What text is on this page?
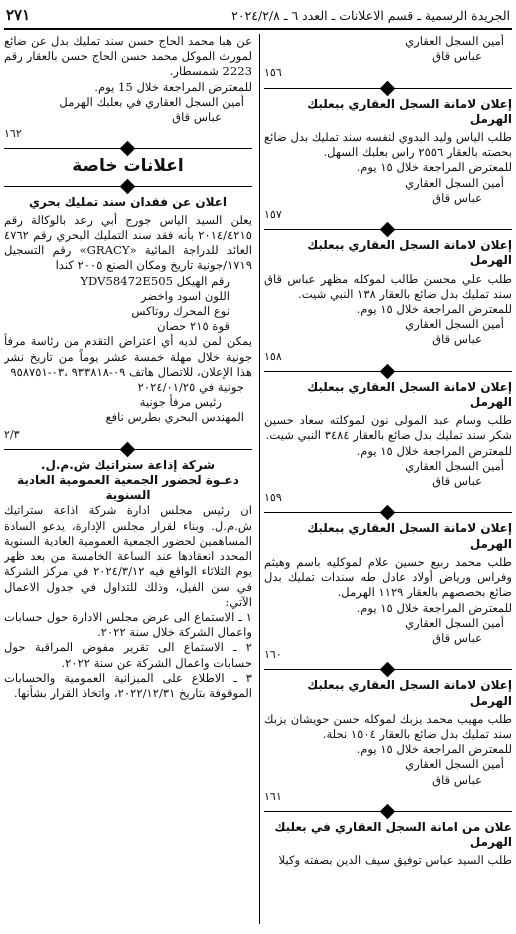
الجريدة الرسمية ـ قسم الاعلانات ـ العدد ٦ ـ ٢٠٢٤/٢/٨
٢٧١
أمين السجل العقاري
عباس قاق
١٥٦
إعلان لامانة السجل العقاري ببعلبك الهرمل

طلب الياس وليد البدوي لنفسه سند تمليك بدل ضائع بحصته بالعقار ٢٥٥٦ راس بعلبك السهل.

للمعترض المراجعة خلال ١٥ يوم.

أمين السجل العقاري
عباس قاق
١٥٧
إعلان لامانة السجل العقاري ببعلبك الهرمل

طلب علي محسن طالب لموكله مظهر عباس قاق سند تمليك بدل ضائع بالعقار ١٣٨ النبي شيت.

للمعترض المراجعة خلال ١٥ يوم.

أمين السجل العقاري
عباس قاق
١٥٨
إعلان لامانة السجل العقاري ببعلبك الهرمل

طلب وسام عبد المولى نون لموكلته سعاد حسين شكر سند تمليك بدل ضائع بالعقار ٣٤٨٤ النبي شيت.

للمعترض المراجعة خلال ١٥ يوم.

أمين السجل العقاري
عباس قاق
١٥٩
إعلان لامانة السجل العقاري ببعلبك الهرمل

طلب محمد ربيع حسين علام لموكليه باسم وهيثم وفراس ورياض أولاد عادل طه سندات تمليك بدل ضائع بحصصهم بالعقار ١١٢٩ الهرمل.

للمعترض المراجعة خلال ١٥ يوم.

أمين السجل العقاري
عباس قاق
١٦٠
إعلان لامانة السجل العقاري ببعلبك الهرمل

طلب مهيب محمد يزبك لموكله حسن حويشان يزبك سند تمليك بدل ضائع بالعقار ١٥٠٤ نحلة.

للمعترض المراجعة خلال ١٥ يوم.

أمين السجل العقاري
عباس قاق
١٦١
علان من امانة السجل العقاري في بعلبك الهرمل

طلب السيد عباس توفيق سيف الدين بصفته وكيلا

عن هبا محمد الحاج حسن سند تمليك بدل عن ضائع لمورث الموكل محمد حسن الحاج حسن بالعقار رقم 2223 شمسطار.

للمعترض المراجعة خلال 15 يوم.

أمين السجل العقاري في بعلبك الهرمل
عباس قاق
١٦٢
اعلانات خاصة
اعلان عن فقدان سند تمليك بحري

يعلن السيد الياس جورج أبي رعد بالوكالة رقم ٢٠١٤/٤٢١٥ بأنه فقد سند التمليك البحري رقم ٤٧٦٢ العائد للدراجة المائية «GRACY» رقم التسجيل ١٧١٩/جونية تاريخ ومكان الصنع ٢٠٠٥ كندا

رقم الهيكل YDV58472E505
اللون اسود واخضر
نوع المحرك روتاكس
قوة ٢١٥ حصان

يمكن لمن لديه أي اعتراض التقدم من رئاسة مرفأ جونية خلال مهلة خمسة عشر يوماً من تاريخ نشر هذا الإعلان، للاتصال هاتف ٠٩-٩٣٣٨١٨ ،٠٣-٩٥٨٧٥١

جونية في ٢٠٢٤/٠١/٢٥
رئيس مرفأ جونية
المهندس البحري بطرس نافع
٢/٣
شركة إذاعة ستراتيك ش.م.ل.
دعـوة لحضور الجمعية العمومية العادية السنوية

ان رئيس مجلس ادارة شركة اذاعة ستراتيك ش.م.ل. وبناء لقرار مجلس الإدارة، يدعو السادة المساهمين لحضور الجمعية العمومية العادية السنوية المحدد انعقادها عند الساعة الخامسة من بعد ظهر يوم الثلاثاء الواقع فيه ٢٠٢٤/٣/١٢ في مركز الشركة في سن الفيل، وذلك للتداول في جدول الاعمال الآتي:

١ ـ الاستماع الى عرض مجلس الادارة حول حسابات واعمال الشركة خلال سنة ٢٠٢٢.

٢ ـ الاستماع الى تقرير مفوض المراقبة حول حسابات واعمال الشركة عن سنة ٢٠٢٢.

٣ ـ الاطلاع على الميزانية العمومية والحسابات الموقوفة بتاريخ ٢٠٢٢/١٢/٣١، واتخاذ القرار بشأنها.
